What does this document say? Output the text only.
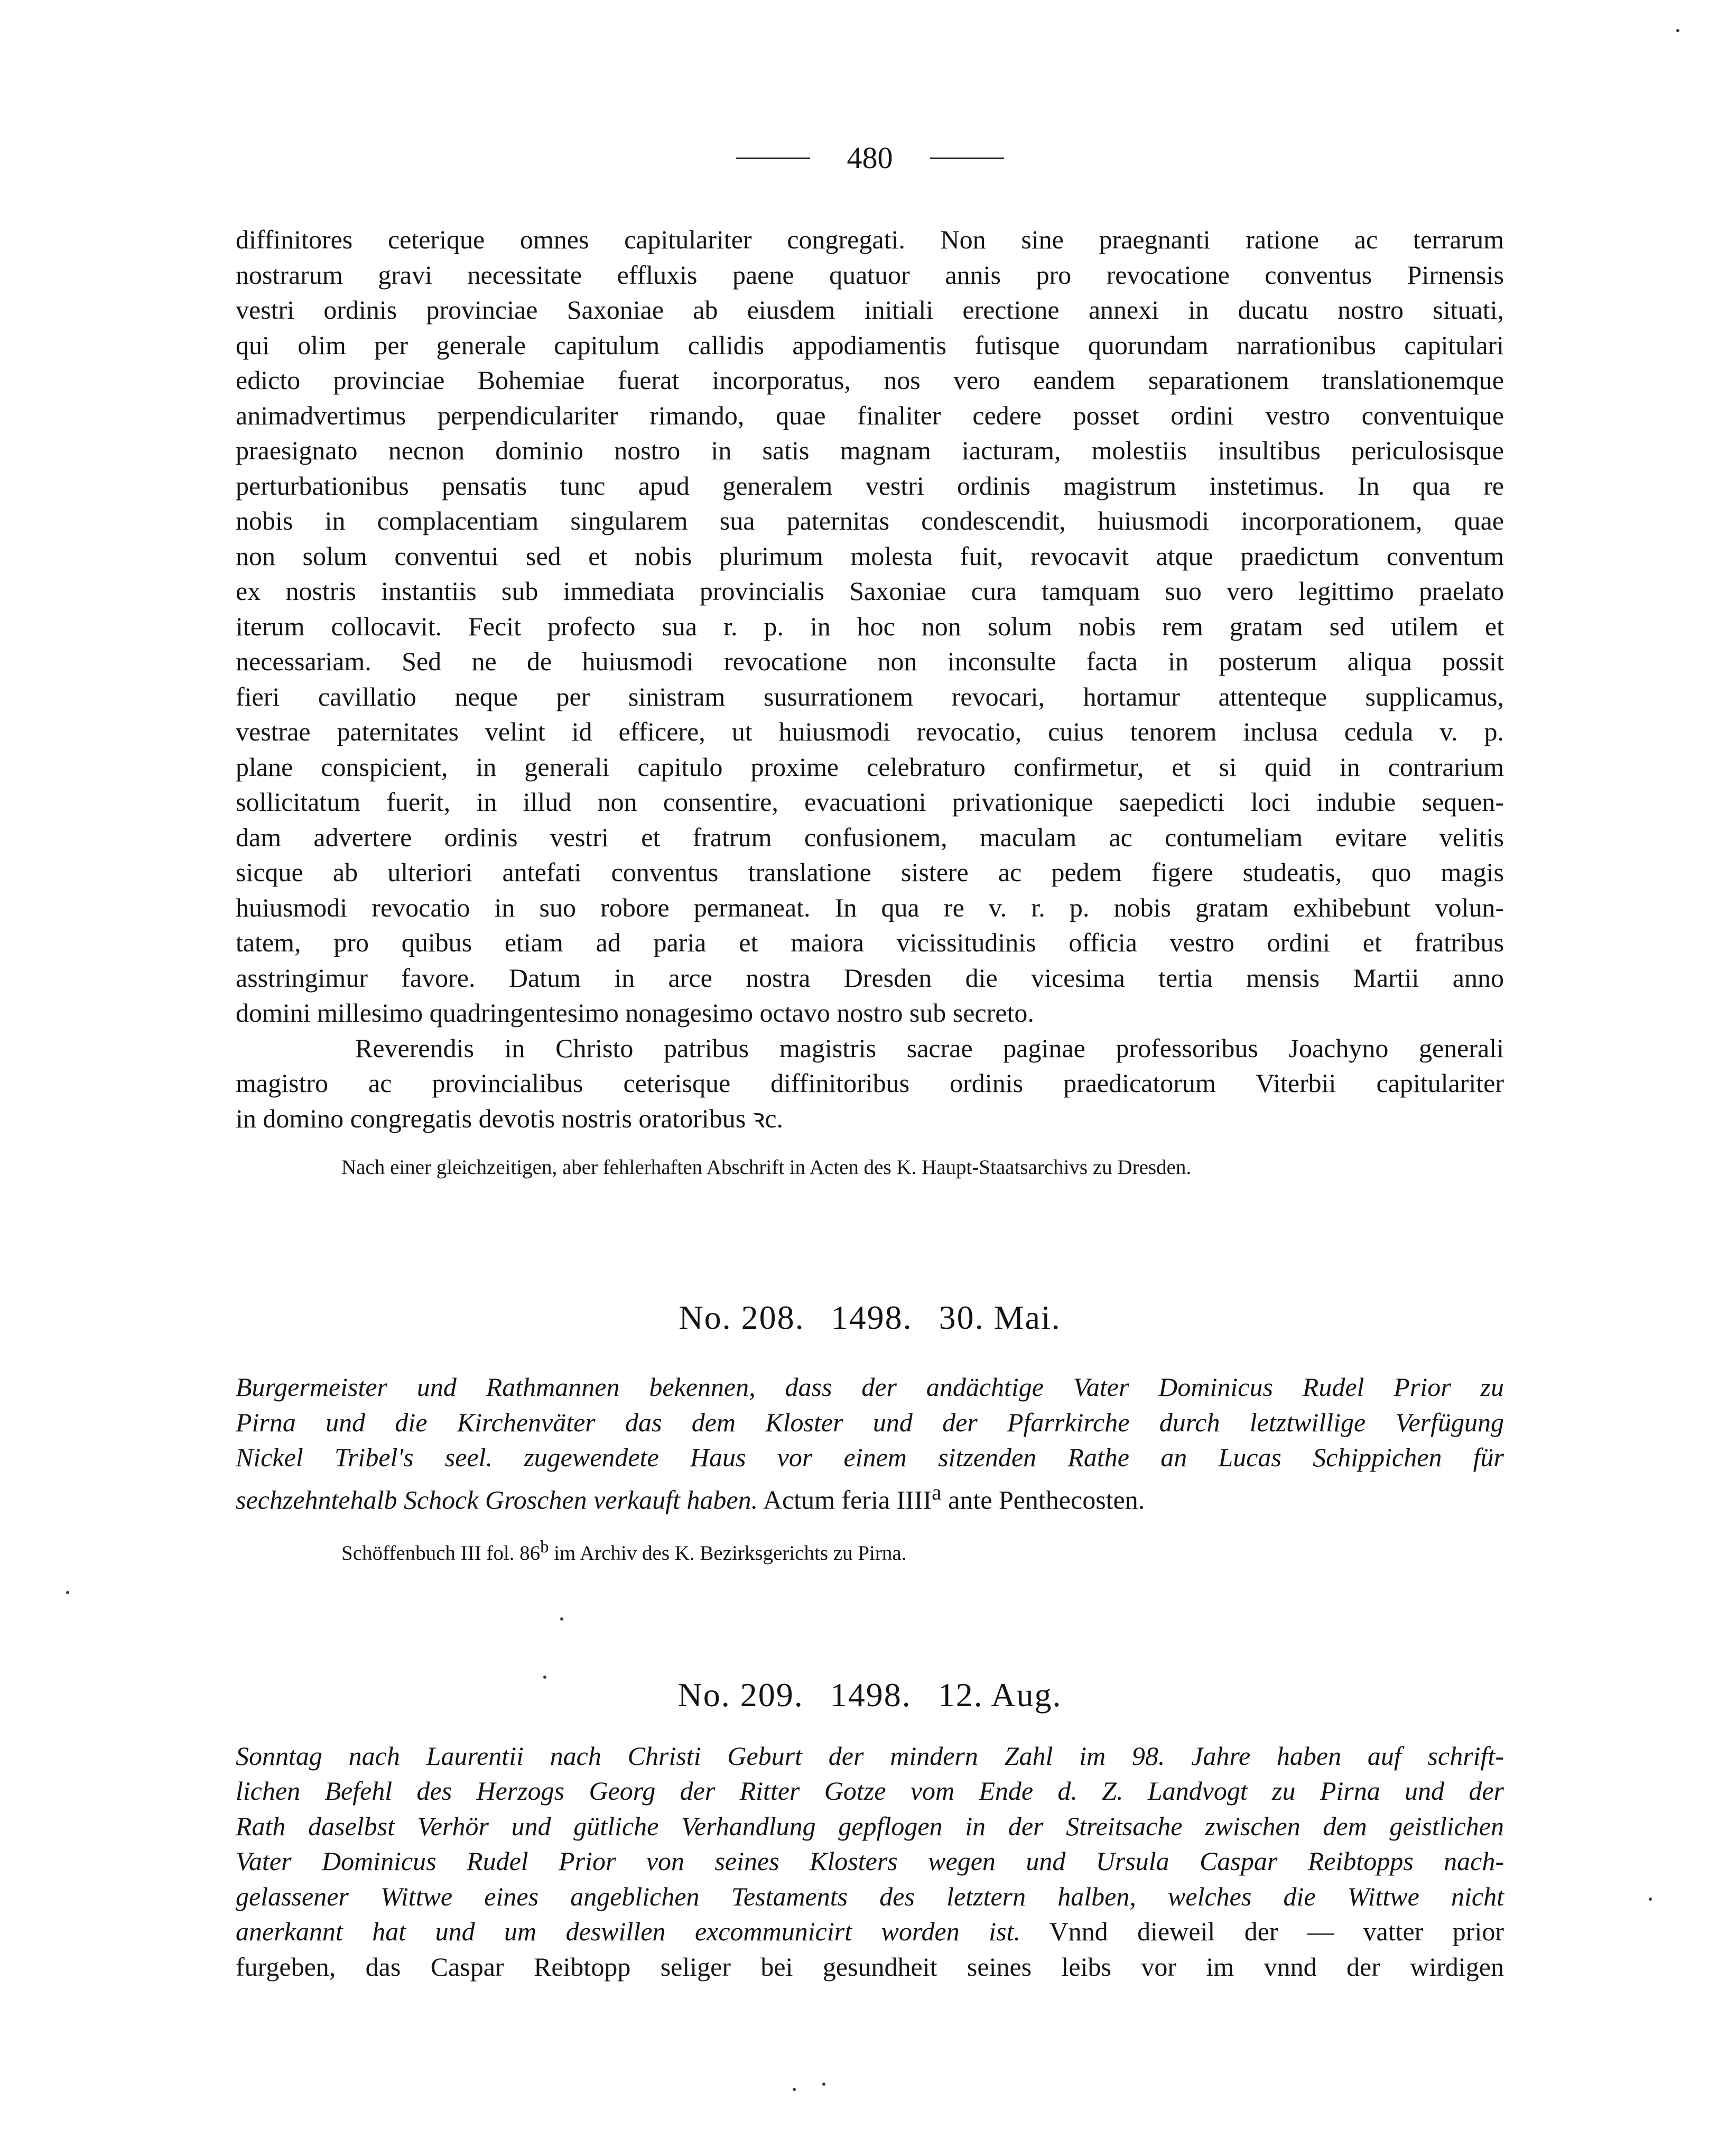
480
diffinitores ceterique omnes capitulariter congregati. Non sine praegnanti ratione ac terrarum
nostrarum gravi necessitate effluxis paene quatuor annis pro revocatione conventus Pirnensis
vestri ordinis provinciae Saxoniae ab eiusdem initiali erectione annexi in ducatu nostro situati,
qui olim per generale capitulum callidis appodiamentis futisque quorundam narrationibus capitulari
edicto provinciae Bohemiae fuerat incorporatus, nos vero eandem separationem translationemque
animadvertimus perpendiculariter rimando, quae finaliter cedere posset ordini vestro conventuique
praesignato necnon dominio nostro in satis magnam iacturam, molestiis insultibus periculosisque
perturbationibus pensatis tunc apud generalem vestri ordinis magistrum instetimus. In qua re
nobis in complacentiam singularem sua paternitas condescendit, huiusmodi incorporationem, quae
non solum conventui sed et nobis plurimum molesta fuit, revocavit atque praedictum conventum
ex nostris instantiis sub immediata provincialis Saxoniae cura tamquam suo vero legittimo praelato
iterum collocavit. Fecit profecto sua r. p. in hoc non solum nobis rem gratam sed utilem et
necessariam. Sed ne de huiusmodi revocatione non inconsulte facta in posterum aliqua possit
fieri cavillatio neque per sinistram susurrationem revocari, hortamur attenteque supplicamus,
vestrae paternitates velint id efficere, ut huiusmodi revocatio, cuius tenorem inclusa cedula v. p.
plane conspicient, in generali capitulo proxime celebraturo confirmetur, et si quid in contrarium
sollicitatum fuerit, in illud non consentire, evacuationi privationique saepedicti loci indubie sequen-
dam advertere ordinis vestri et fratrum confusionem, maculam ac contumeliam evitare velitis
sicque ab ulteriori antefati conventus translatione sistere ac pedem figere studeatis, quo magis
huiusmodi revocatio in suo robore permaneat. In qua re v. r. p. nobis gratam exhibebunt volun-
tatem, pro quibus etiam ad paria et maiora vicissitudinis officia vestro ordini et fratribus
asstringimur favore. Datum in arce nostra Dresden die vicesima tertia mensis Martii anno
domini millesimo quadringentesimo nonagesimo octavo nostro sub secreto.
Reverendis in Christo patribus magistris sacrae paginae professoribus Joachyno generali
magistro ac provincialibus ceterisque diffinitoribus ordinis praedicatorum Viterbii capitulariter
in domino congregatis devotis nostris oratoribus ꝛc.
Nach einer gleichzeitigen, aber fehlerhaften Abschrift in Acten des K. Haupt-Staatsarchivs zu Dresden.
No. 208. 1498. 30. Mai.
Burgermeister und Rathmannen bekennen, dass der andächtige Vater Dominicus Rudel Prior zu
Pirna und die Kirchenväter das dem Kloster und der Pfarrkirche durch letztwillige Verfügung
Nickel Tribel's seel. zugewendete Haus vor einem sitzenden Rathe an Lucas Schippichen für
sechzehntehalb Schock Groschen verkauft haben. Actum feria IIII$^a$ ante Penthecosten.
Schöffenbuch III fol. 86$^b$ im Archiv des K. Bezirksgerichts zu Pirna.
No. 209. 1498. 12. Aug.
Sonntag nach Laurentii nach Christi Geburt der mindern Zahl im 98. Jahre haben auf schrift-
lichen Befehl des Herzogs Georg der Ritter Gotze vom Ende d. Z. Landvogt zu Pirna und der
Rath daselbst Verhör und gütliche Verhandlung gepflogen in der Streitsache zwischen dem geistlichen
Vater Dominicus Rudel Prior von seines Klosters wegen und Ursula Caspar Reibtopps nach-
gelassener Wittwe eines angeblichen Testaments des letztern halben, welches die Wittwe nicht
anerkannt hat und um deswillen excommunicirt worden ist. Vnnd dieweil der — vatter prior
furgeben, das Caspar Reibtopp seliger bei gesundheit seines leibs vor im vnnd der wirdigen
